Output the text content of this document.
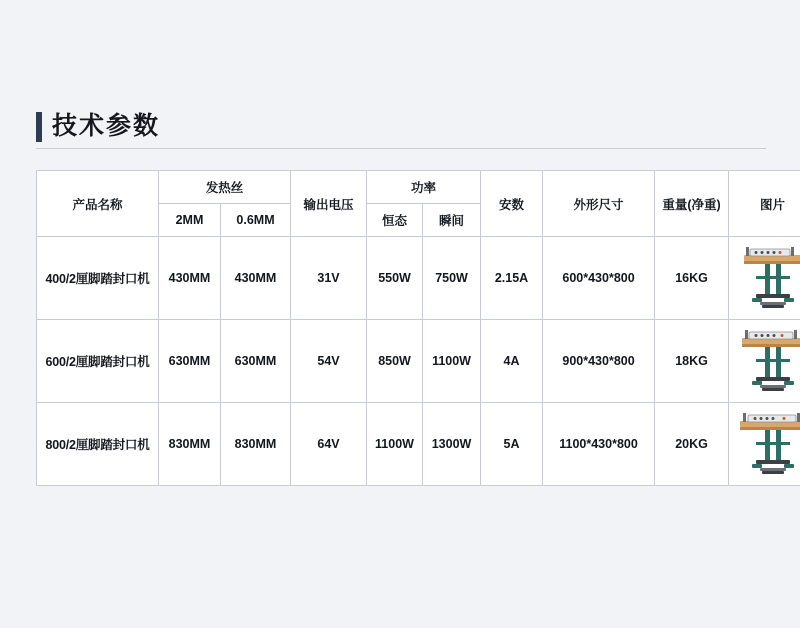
技术参数
产品名称	发热丝		输出电压	功率		安数	外形尺寸	重量(净重)	图片
	2MM	0.6MM		恒态	瞬间				
400/2厘脚踏封口机	430MM	430MM	31V	550W	750W	2.15A	600*430*800	16KG	

600/2厘脚踏封口机	630MM	630MM	54V	850W	1100W	4A	900*430*800	18KG	

800/2厘脚踏封口机	830MM	830MM	64V	1100W	1300W	5A	1100*430*800	20KG	
